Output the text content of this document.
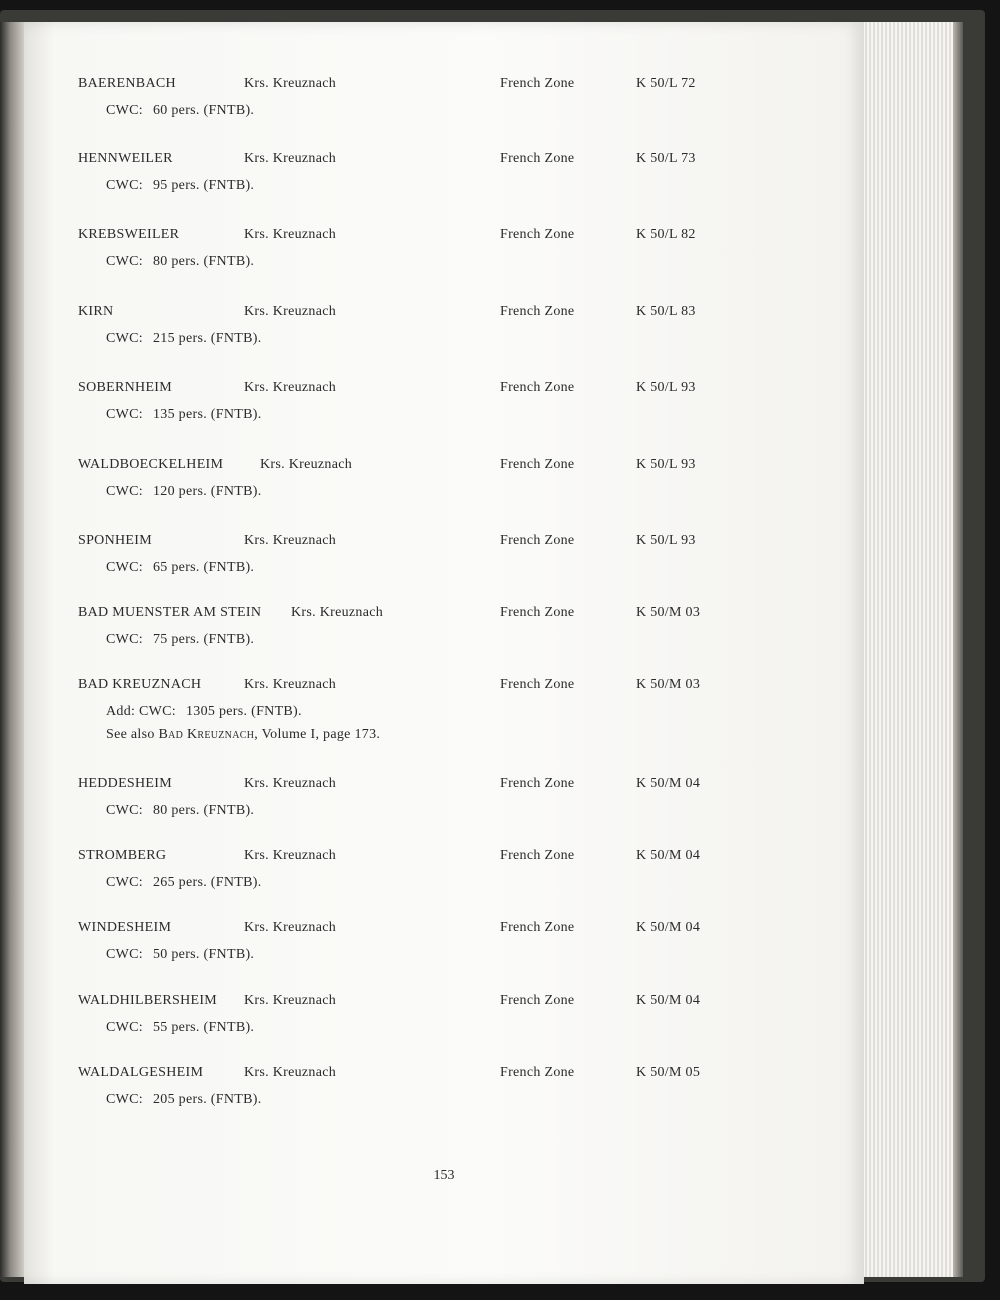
BAERENBACH	Krs. Kreuznach	French Zone	K 50/L 72
CWC: 60 pers. (FNTB).
HENNWEILER	Krs. Kreuznach	French Zone	K 50/L 73
CWC: 95 pers. (FNTB).
KREBSWEILER	Krs. Kreuznach	French Zone	K 50/L 82
CWC: 80 pers. (FNTB).
KIRN	Krs. Kreuznach	French Zone	K 50/L 83
CWC: 215 pers. (FNTB).
SOBERNHEIM	Krs. Kreuznach	French Zone	K 50/L 93
CWC: 135 pers. (FNTB).
WALDBOECKELHEIM	Krs. Kreuznach	French Zone	K 50/L 93
CWC: 120 pers. (FNTB).
SPONHEIM	Krs. Kreuznach	French Zone	K 50/L 93
CWC: 65 pers. (FNTB).
BAD MUENSTER AM STEIN Krs. Kreuznach	French Zone	K 50/M 03
CWC: 75 pers. (FNTB).
BAD KREUZNACH	Krs. Kreuznach	French Zone	K 50/M 03
Add: CWC: 1305 pers. (FNTB).
See also Bad Kreuznach, Volume I, page 173.
HEDDESHEIM	Krs. Kreuznach	French Zone	K 50/M 04
CWC: 80 pers. (FNTB).
STROMBERG	Krs. Kreuznach	French Zone	K 50/M 04
CWC: 265 pers. (FNTB).
WINDESHEIM	Krs. Kreuznach	French Zone	K 50/M 04
CWC: 50 pers. (FNTB).
WALDHILBERSHEIM Krs. Kreuznach	French Zone	K 50/M 04
CWC: 55 pers. (FNTB).
WALDALGESHEIM	Krs. Kreuznach	French Zone	K 50/M 05
CWC: 205 pers. (FNTB).
153
